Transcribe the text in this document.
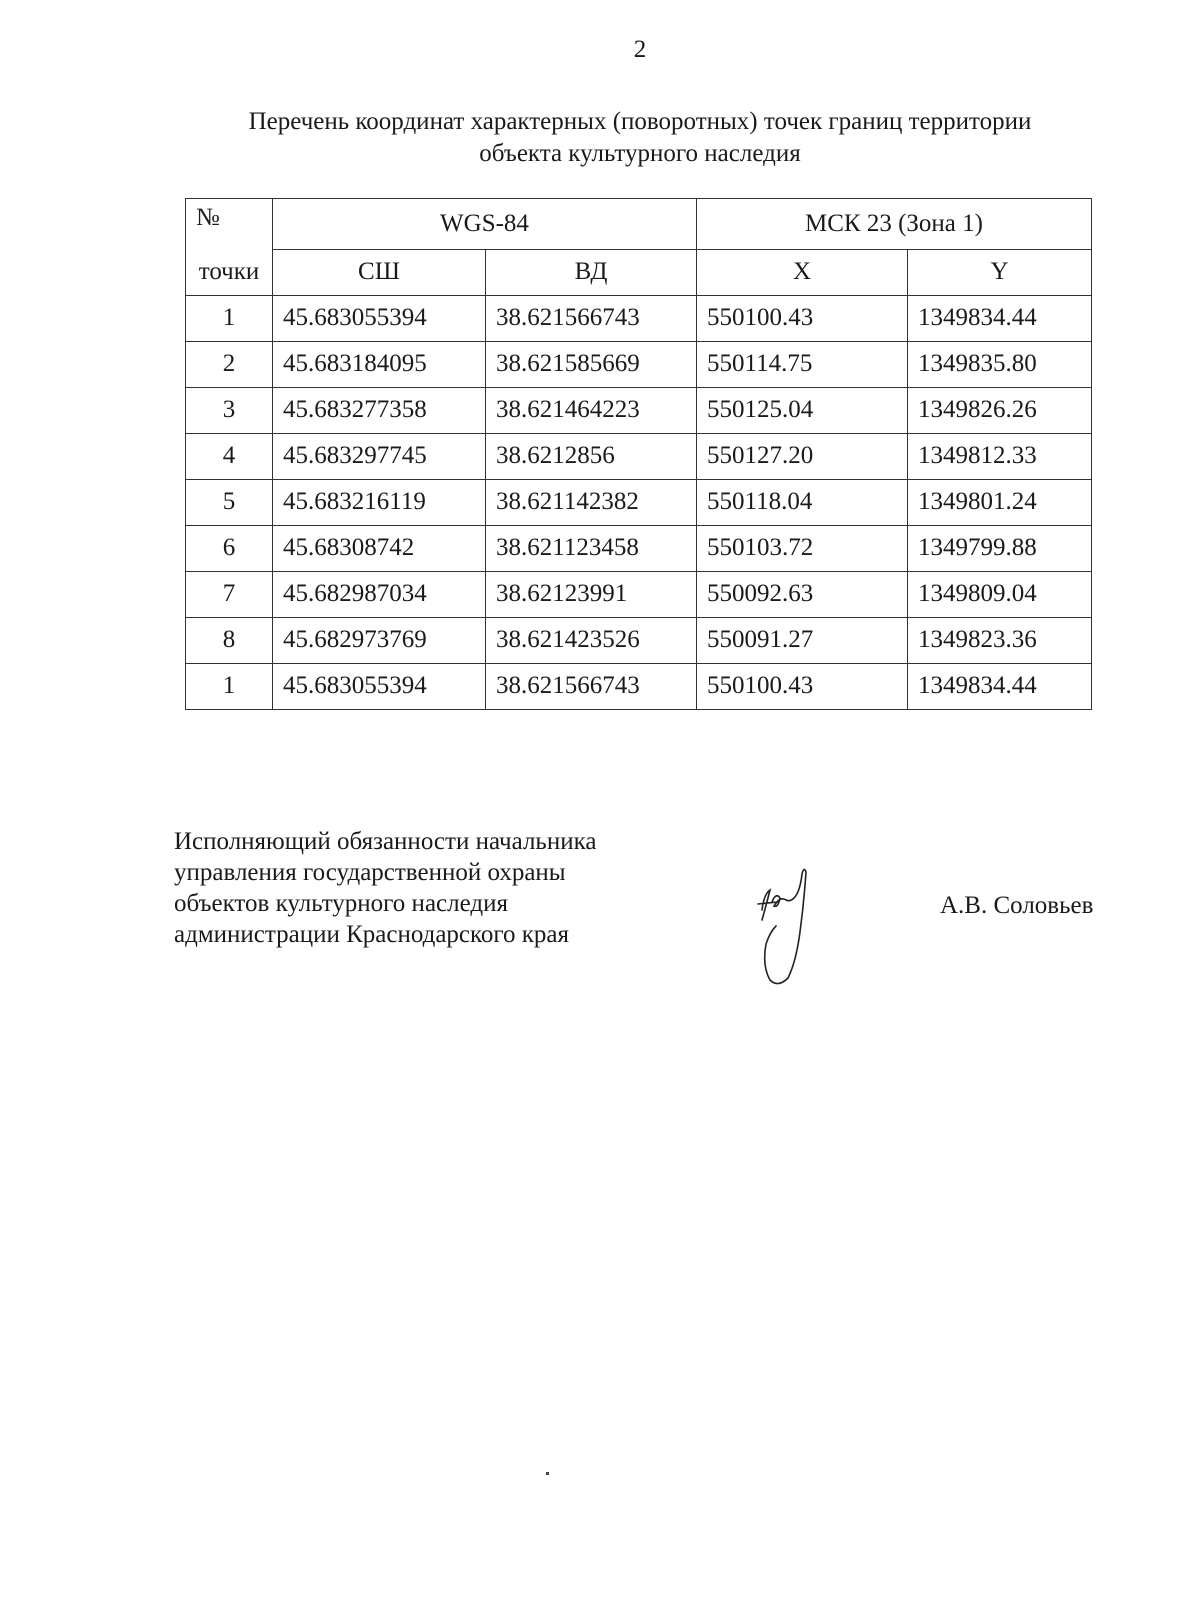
2
Перечень координат характерных (поворотных) точек границ территории
объекта культурного наследия
№	WGS-84		МСК 23 (Зона 1)	
точки	СШ	ВД	X	Y
1	45.683055394	38.621566743	550100.43	1349834.44
2	45.683184095	38.621585669	550114.75	1349835.80
3	45.683277358	38.621464223	550125.04	1349826.26
4	45.683297745	38.6212856	550127.20	1349812.33
5	45.683216119	38.621142382	550118.04	1349801.24
6	45.68308742	38.621123458	550103.72	1349799.88
7	45.682987034	38.62123991	550092.63	1349809.04
8	45.682973769	38.621423526	550091.27	1349823.36
1	45.683055394	38.621566743	550100.43	1349834.44
Исполняющий обязанности начальника
управления государственной охраны
объектов культурного наследия
администрации Краснодарского края
А.В. Соловьев
